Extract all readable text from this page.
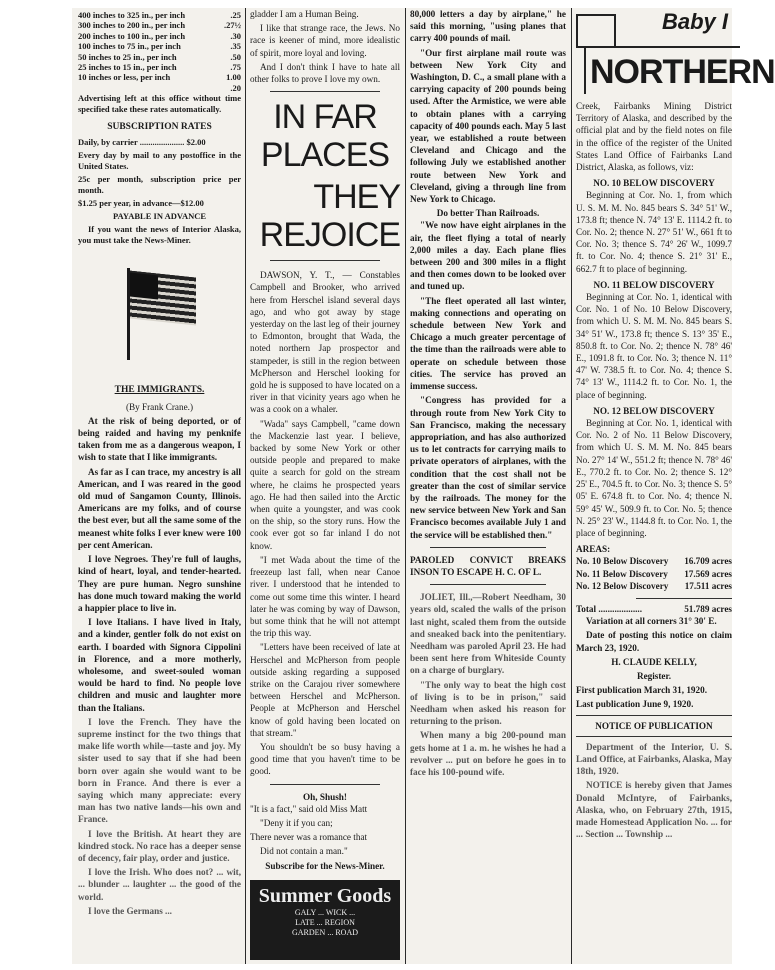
400 inches to 325 in., per inch	.25
300 inches to 200 in., per inch	.27½
200 inches to 100 in., per inch	.30
100 inches to 75 in., per inch	.35
50 inches to 25 in., per inch	.50
25 inches to 15 in., per inch	.75
10 inches or less, per inch	1.00
.20

Advertising left at this office without time specified take these rates automatically.

SUBSCRIPTION RATES

Daily, by carrier ..................... $2.00

Every day by mail to any postoffice in the United States.

25c per month, subscription price per month.

$1.25 per year, in advance—$12.00

PAYABLE IN ADVANCE

If you want the news of Interior Alaska, you must take the News-Miner.

THE IMMIGRANTS.

(By Frank Crane.)

At the risk of being deported, or of being raided and having my penknife taken from me as a dangerous weapon, I wish to state that I like immigrants.

As far as I can trace, my ancestry is all American, and I was reared in the good old mud of Sangamon County, Illinois. Americans are my folks, and of course the best ever, but all the same some of the meanest white folks I ever knew were 100 per cent American.

I love Negroes. They're full of laughs, kind of heart, loyal, and tender-hearted. They are pure human. Negro sunshine has done much toward making the world a happier place to live in.

I love Italians. I have lived in Italy, and a kinder, gentler folk do not exist on earth. I boarded with Signora Cippolini in Florence, and a more motherly, wholesome, and sweet-souled woman would be hard to find. No people love children and music and laughter more than the Italians.

I love the French. They have the supreme instinct for the two things that make life worth while—taste and joy. My sister used to say that if she had been born over again she would want to be born in France. And there is ever a saying which many appreciate: every man has two native lands—his own and France.

I love the British. At heart they are kindred stock. No race has a deeper sense of decency, fair play, order and justice.

I love the Irish. Who does not? ... wit, ... blunder ... laughter ... the good of the world.

I love the Germans ...

gladder I am a Human Being.

I like that strange race, the Jews. No race is keener of mind, more idealistic of spirit, more loyal and loving.

And I don't think I have to hate all other folks to prove I love my own.

IN FAR PLACES
THEY REJOICE

DAWSON, Y. T., — Constables Campbell and Brooker, who arrived here from Herschel island several days ago, and who got away by stage yesterday on the last leg of their journey to Edmonton, brought that Wada, the noted northern Jap prospector and stampeder, is still in the region between McPherson and Herschel looking for gold he is supposed to have located on a river in that vicinity years ago when he was a cook on a whaler.

"Wada" says Campbell, "came down the Mackenzie last year. I believe, backed by some New York or other outside people and prepared to make quite a search for gold on the stream where, he claims he prospected years ago. He had then sailed into the Arctic when quite a youngster, and was cook on the ship, so the story runs. How the cook ever got so far inland I do not know.

"I met Wada about the time of the freezeup last fall, when near Canoe river. I understood that he intended to come out some time this winter. I heard later he was coming by way of Dawson, but some think that he will not attempt the trip this way.

"Letters have been received of late at Herschel and McPherson from people outside asking regarding a supposed strike on the Carajou river somewhere between Herschel and McPherson. People at McPherson and Herschel know of gold having been located on that stream."

You shouldn't be so busy having a good time that you haven't time to be good.

Oh, Shush!

"It is a fact," said old Miss Matt

"Deny it if you can;

There never was a romance that

Did not contain a man."

Subscribe for the News-Miner.

Summer Goods
GALY ... WICK ...
LATE ... REGION
GARDEN ... ROAD

80,000 letters a day by airplane," he said this morning, "using planes that carry 400 pounds of mail.

"Our first airplane mail route was between New York City and Washington, D. C., a small plane with a carrying capacity of 200 pounds being used. After the Armistice, we were able to obtain planes with a carrying capacity of 400 pounds each. May 5 last year, we established a route between Cleveland and Chicago and the following July we established another route between New York and Cleveland, giving a through line from New York to Chicago.

Do better Than Railroads.

"We now have eight airplanes in the air, the fleet flying a total of nearly 2,000 miles a day. Each plane flies between 200 and 300 miles in a flight and then comes down to be looked over and tuned up.

"The fleet operated all last winter, making connections and operating on schedule between New York and Chicago a much greater percentage of the time than the railroads were able to operate on schedule between those cities. The service has proved an immense success.

"Congress has provided for a through route from New York City to San Francisco, making the necessary appropriation, and has also authorized us to let contracts for carrying mails to private operators of airplanes, with the condition that the cost shall not be greater than the cost of similar service by the railroads. The money for the new service between New York and San Francisco becomes available July 1 and the service will be established then."

PAROLED CONVICT BREAKS INSON TO ESCAPE H. C. OF L.

JOLIET, Ill.,—Robert Needham, 30 years old, scaled the walls of the prison last night, scaled them from the outside and sneaked back into the penitentiary. Needham was paroled April 23. He had been sent here from Whiteside County on a charge of burglary.

"The only way to beat the high cost of living is to be in prison," said Needham when asked his reason for returning to the prison.

When many a big 200-pound man gets home at 1 a. m. he wishes he had a revolver ... put on before he goes in to face his 100-pound wife.

Baby I
NORTHERN

Creek, Fairbanks Mining District Territory of Alaska, and described by the official plat and by the field notes on file in the office of the register of the United States Land Office of Fairbanks Land District, Alaska, as follows, viz:

NO. 10 BELOW DISCOVERY

Beginning at Cor. No. 1, from which U. S. M. M. No. 845 bears S. 34° 51' W., 173.8 ft; thence N. 74° 13' E. 1114.2 ft. to Cor. No. 2; thence N. 27° 51' W., 661 ft to Cor. No. 3; thence S. 74° 26' W., 1099.7 ft. to Cor. No. 4; thence S. 21° 31' E., 662.7 ft to place of beginning.

NO. 11 BELOW DISCOVERY

Beginning at Cor. No. 1, identical with Cor. No. 1 of No. 10 Below Discovery, from which U. S. M. M. No. 845 bears S. 34° 51' W., 173.8 ft; thence S. 13° 35' E., 850.8 ft. to Cor. No. 2; thence N. 78° 46' E., 1091.8 ft. to Cor. No. 3; thence N. 11° 47' W. 738.5 ft. to Cor. No. 4; thence S. 74° 13' W., 1114.2 ft. to Cor. No. 1, the place of beginning.

NO. 12 BELOW DISCOVERY

Beginning at Cor. No. 1, identical with Cor. No. 2 of No. 11 Below Discovery, from which U. S. M. M. No. 845 bears No. 27° 14' W., 551.2 ft; thence N. 78° 46' E., 770.2 ft. to Cor. No. 2; thence S. 12° 25' E., 704.5 ft. to Cor. No. 3; thence S. 5° 05' E. 674.8 ft. to Cor. No. 4; thence N. 59° 45' W., 509.9 ft. to Cor. No. 5; thence N. 25° 23' W., 1144.8 ft. to Cor. No. 1, the place of beginning.

AREAS:
No. 10 Below Discovery 16.709 acres
No. 11 Below Discovery 17.569 acres
No. 12 Below Discovery 17.511 acres
Total ...................	51.789 acres

Variation at all corners 31° 30' E.

Date of posting this notice on claim March 23, 1920.

H. CLAUDE KELLY,

Register.

First publication March 31, 1920.

Last publication June 9, 1920.

NOTICE OF PUBLICATION

Department of the Interior, U. S. Land Office, at Fairbanks, Alaska, May 18th, 1920.

NOTICE is hereby given that James Donald McIntyre, of Fairbanks, Alaska, who, on February 27th, 1915, made Homestead Application No. ... for ... Section ... Township ...
